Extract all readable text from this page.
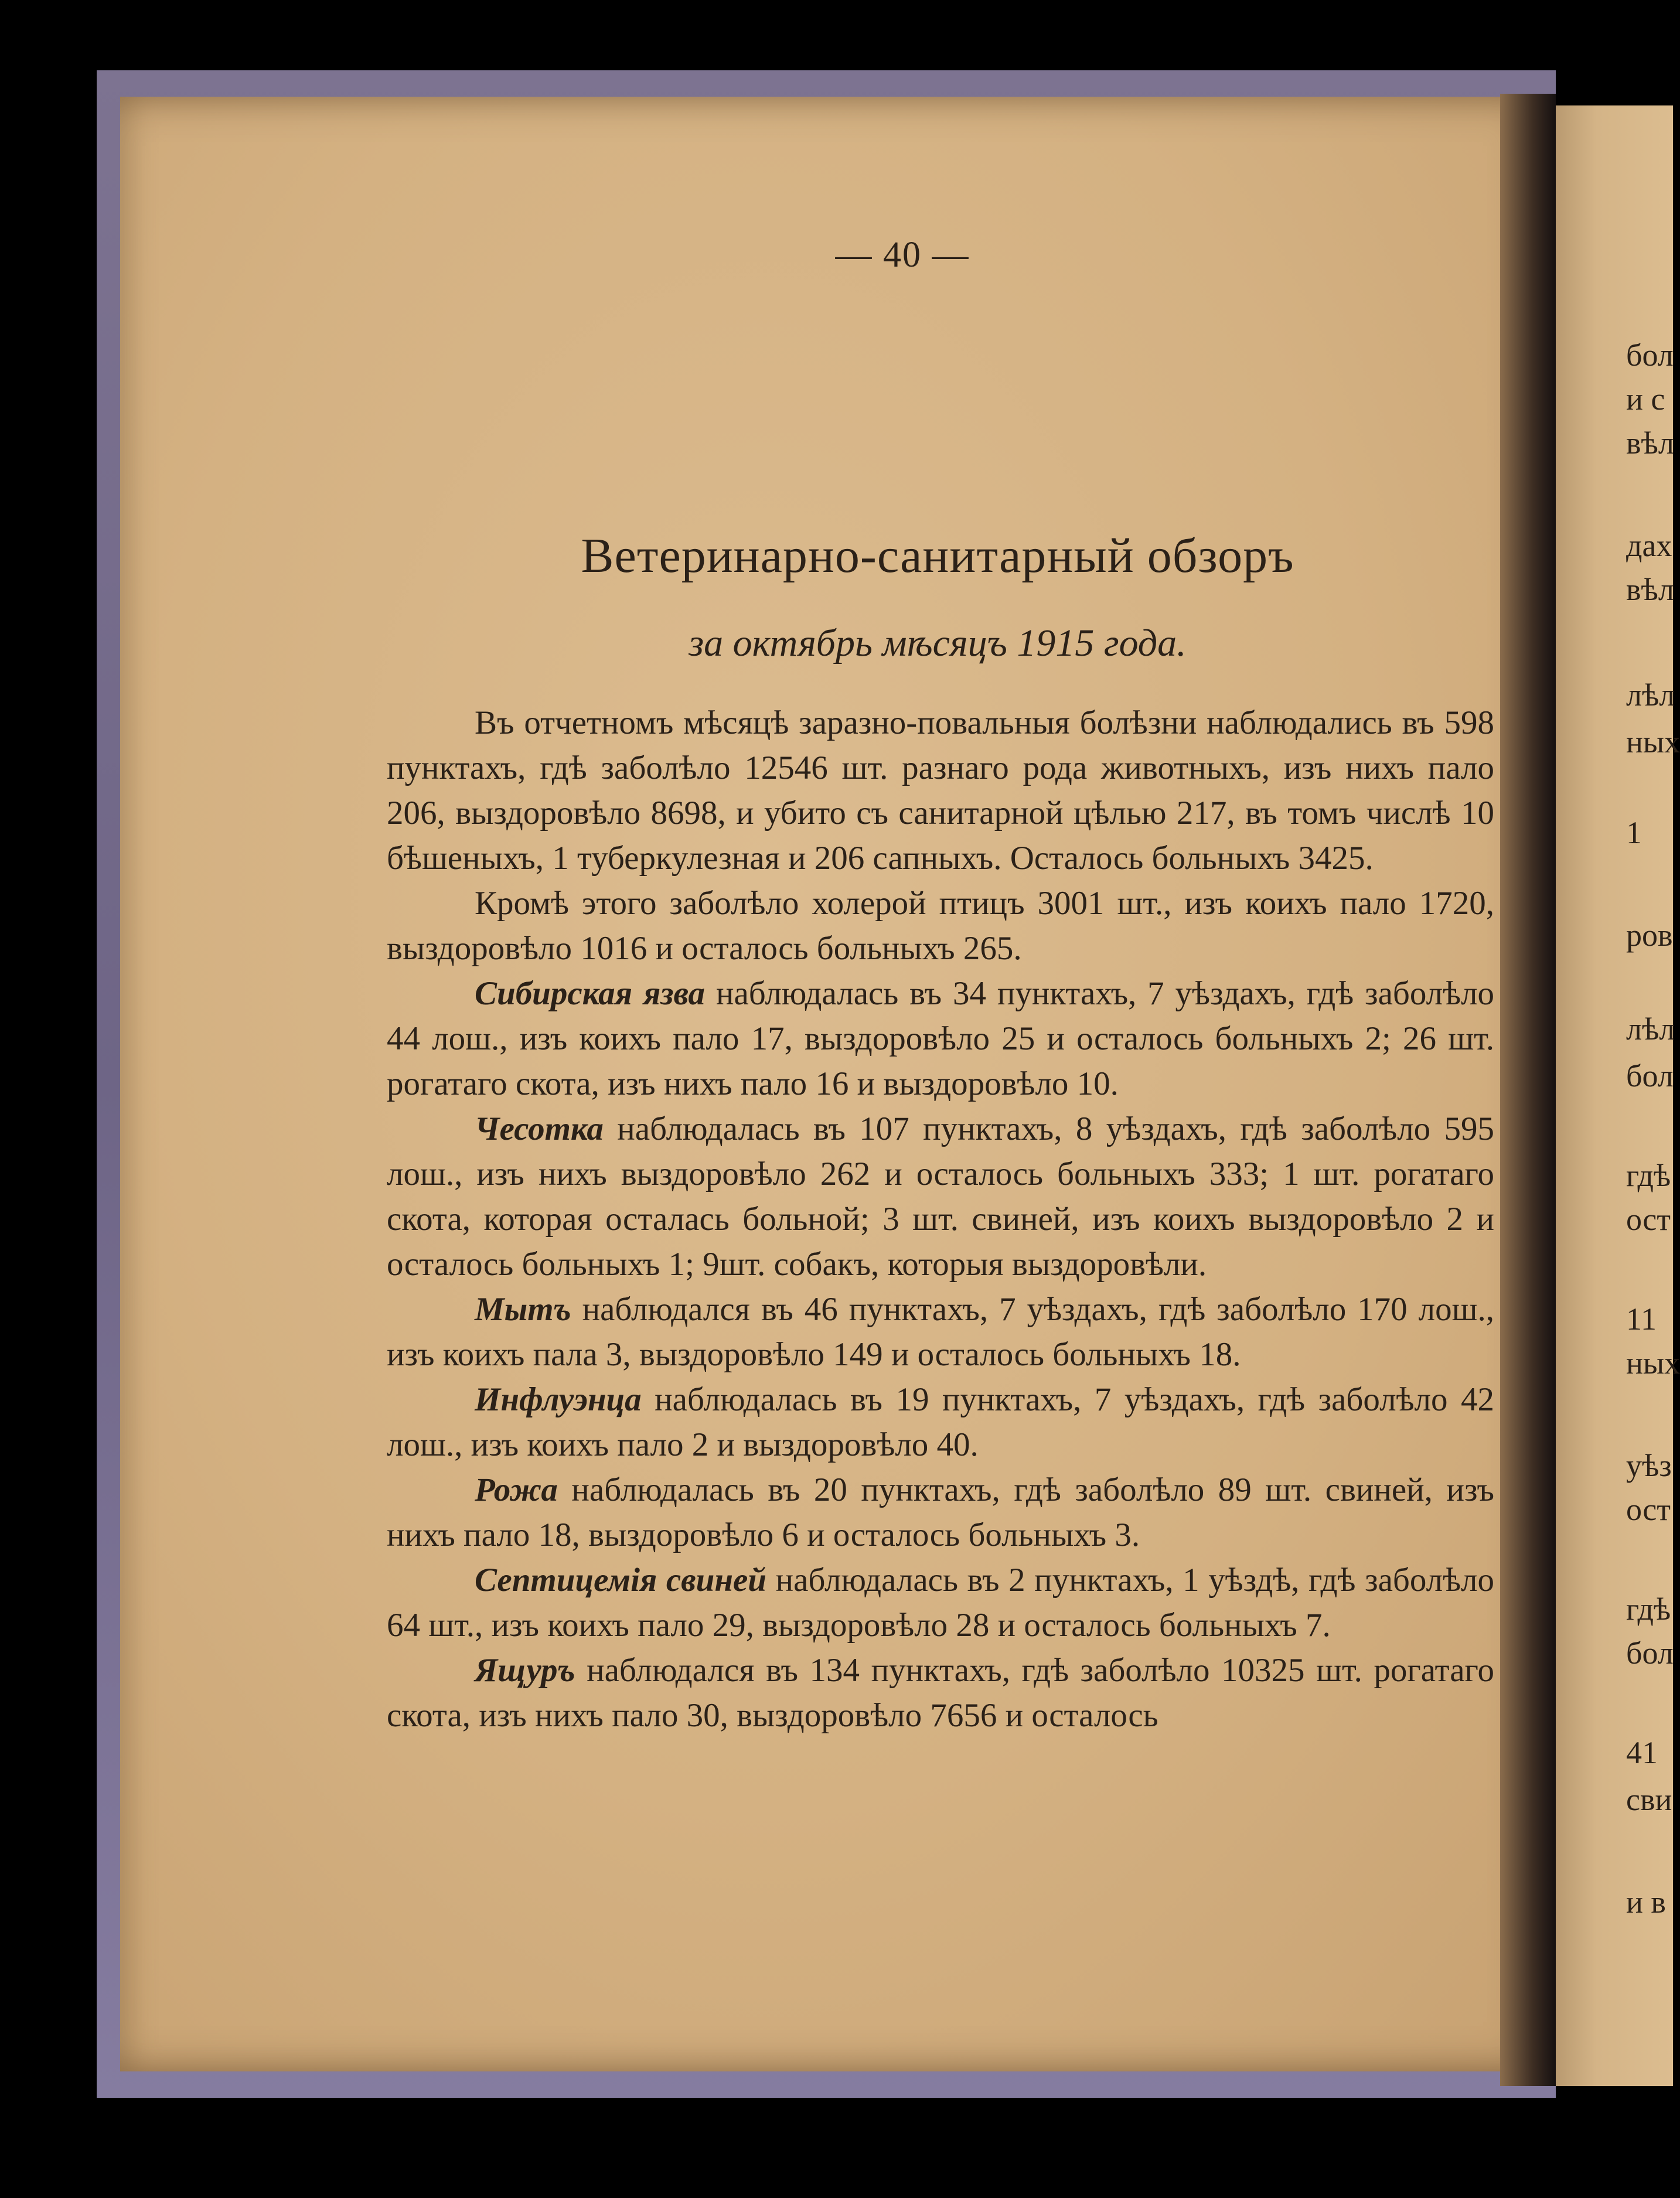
— 40 —
Ветеринарно-санитарный обзоръ
за октябрь мѣсяцъ 1915 года.

Въ отчетномъ мѣсяцѣ заразно-повальныя болѣзни наблюдались въ 598 пунктахъ, гдѣ заболѣло 12546 шт. разнаго рода животныхъ, изъ нихъ пало 206, выздоровѣло 8698, и убито съ санитарной цѣлью 217, въ томъ числѣ 10 бѣшеныхъ, 1 туберкулезная и 206 сапныхъ. Осталось больныхъ 3425.

Кромѣ этого заболѣло холерой птицъ 3001 шт., изъ коихъ пало 1720, выздоровѣло 1016 и осталось больныхъ 265.

Сибирская язва наблюдалась въ 34 пунктахъ, 7 уѣздахъ, гдѣ заболѣло 44 лош., изъ коихъ пало 17, выздоровѣло 25 и осталось больныхъ 2; 26 шт. рогатаго скота, изъ нихъ пало 16 и выздоровѣло 10.

Чесотка наблюдалась въ 107 пунктахъ, 8 уѣздахъ, гдѣ заболѣло 595 лош., изъ нихъ выздоровѣло 262 и осталось больныхъ 333; 1 шт. рогатаго скота, которая осталась больной; 3 шт. свиней, изъ коихъ выздоровѣло 2 и осталось больныхъ 1; 9шт. собакъ, которыя выздоровѣли.

Мытъ наблюдался въ 46 пунктахъ, 7 уѣздахъ, гдѣ заболѣло 170 лош., изъ коихъ пала 3, выздоровѣло 149 и осталось больныхъ 18.

Инфлуэнца наблюдалась въ 19 пунктахъ, 7 уѣздахъ, гдѣ заболѣло 42 лош., изъ коихъ пало 2 и выздоровѣло 40.

Рожа наблюдалась въ 20 пунктахъ, гдѣ заболѣло 89 шт. свиней, изъ нихъ пало 18, выздоровѣло 6 и осталось больныхъ 3.

Септицемія свиней наблюдалась въ 2 пунктахъ, 1 уѣздѣ, гдѣ заболѣло 64 шт., изъ коихъ пало 29, выздоровѣло 28 и осталось больныхъ 7.

Ящуръ наблюдался въ 134 пунктахъ, гдѣ заболѣло 10325 шт. рогатаго скота, изъ нихъ пало 30, выздоровѣло 7656 и осталось

бол
и с
вѣл
дах
вѣл
лѣл
ных
1
ров
лѣл
бол
гдѣ
ост
11
ных
уѣз
ост
гдѣ
бол
41
сви
и в
